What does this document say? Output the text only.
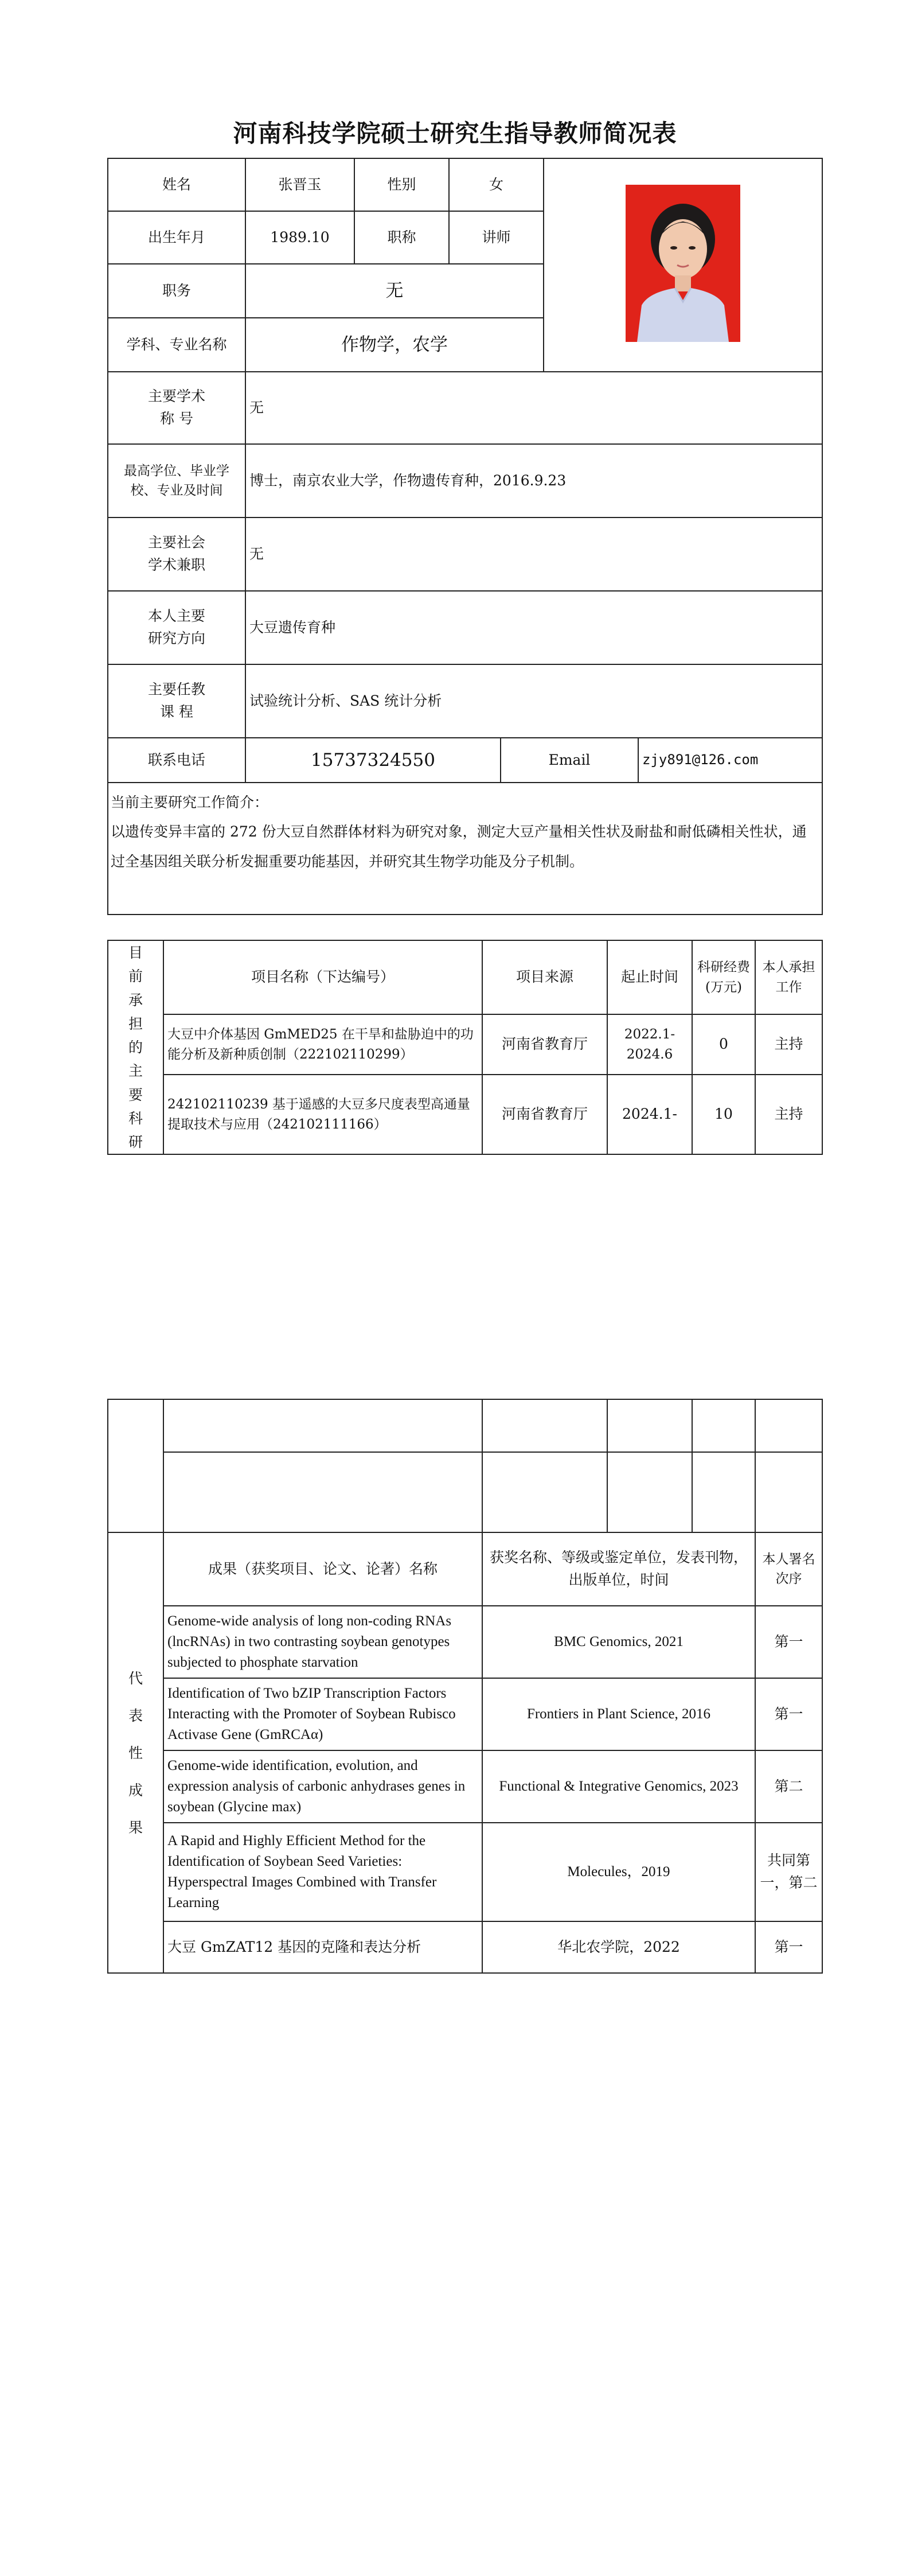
河南科技学院硕士研究生指导教师简况表
姓名	张晋玉	性别	女	

出生年月	1989.10	职称	讲师			
职务	无					
学科、专业名称	作物学，农学					

主要学术
称 号	无					

最高学位、毕业学
校、专业及时间	博士，南京农业大学，作物遗传育种，2016.9.23					

主要社会
学术兼职	无					

本人主要
研究方向	大豆遗传育种					

主要任教
课 程	试验统计分析、SAS 统计分析					
联系电话	15737324550			Email		zjy891@126.com

当前主要研究工作简介：
以遗传变异丰富的 272 份大豆自然群体材料为研究对象，测定大豆产量相关性状及耐盐和耐低磷相关性状，通过全基因组关联分析发掘重要功能基因，并研究其生物学功能及分子机制。						
目前承担的主要科研	项目名称（下达编号）	项目来源	起止时间	科研经费(万元)	本人承担工作
	大豆中介体基因 GmMED25 在干旱和盐胁迫中的功能分析及新种质创制（222102110299）	河南省教育厅	2022.1-2024.6	0	主持
	242102110239 基于遥感的大豆多尺度表型高通量提取技术与应用（242102111166）	河南省教育厅	2024.1-	10	主持

代表性成果	成果（获奖项目、论文、论著）名称	获奖名称、等级或鉴定单位，发表刊物，出版单位，时间			本人署名次序
	Genome-wide analysis of long non-coding RNAs (lncRNAs) in two contrasting soybean genotypes subjected to phosphate starvation	BMC Genomics, 2021			第一
	Identification of Two bZIP Transcription Factors Interacting with the Promoter of Soybean Rubisco Activase Gene (GmRCAα)	Frontiers in Plant Science, 2016			第一
	Genome-wide identification, evolution, and expression analysis of carbonic anhydrases genes in soybean (Glycine max)	Functional & Integrative Genomics, 2023			第二
	A Rapid and Highly Efficient Method for the Identification of Soybean Seed Varieties: Hyperspectral Images Combined with Transfer Learning	Molecules，2019			共同第一，第二
	大豆 GmZAT12 基因的克隆和表达分析	华北农学院，2022			第一
